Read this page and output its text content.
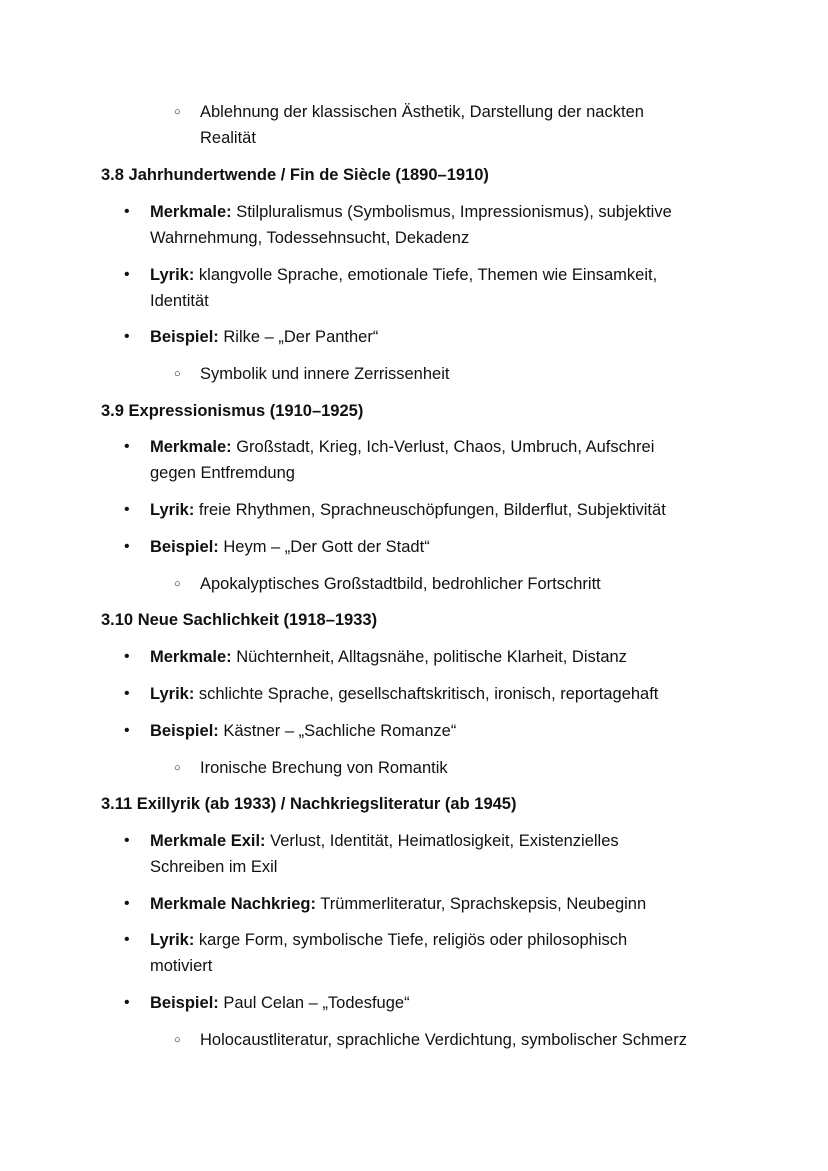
○ Ablehnung der klassischen Ästhetik, Darstellung der nackten
Realität
3.8 Jahrhundertwende / Fin de Siècle (1890–1910)
• Merkmale: Stilpluralismus (Symbolismus, Impressionismus), subjektive
Wahrnehmung, Todessehnsucht, Dekadenz
• Lyrik: klangvolle Sprache, emotionale Tiefe, Themen wie Einsamkeit,
Identität
• Beispiel: Rilke – „Der Panther“
○ Symbolik und innere Zerrissenheit
3.9 Expressionismus (1910–1925)
• Merkmale: Großstadt, Krieg, Ich-Verlust, Chaos, Umbruch, Aufschrei
gegen Entfremdung
• Lyrik: freie Rhythmen, Sprachneuschöpfungen, Bilderflut, Subjektivität
• Beispiel: Heym – „Der Gott der Stadt“
○ Apokalyptisches Großstadtbild, bedrohlicher Fortschritt
3.10 Neue Sachlichkeit (1918–1933)
• Merkmale: Nüchternheit, Alltagsnähe, politische Klarheit, Distanz
• Lyrik: schlichte Sprache, gesellschaftskritisch, ironisch, reportagehaft
• Beispiel: Kästner – „Sachliche Romanze“
○ Ironische Brechung von Romantik
3.11 Exillyrik (ab 1933) / Nachkriegsliteratur (ab 1945)
• Merkmale Exil: Verlust, Identität, Heimatlosigkeit, Existenzielles
Schreiben im Exil
• Merkmale Nachkrieg: Trümmerliteratur, Sprachskepsis, Neubeginn
• Lyrik: karge Form, symbolische Tiefe, religiös oder philosophisch
motiviert
• Beispiel: Paul Celan – „Todesfuge“
○ Holocaustliteratur, sprachliche Verdichtung, symbolischer Schmerz
